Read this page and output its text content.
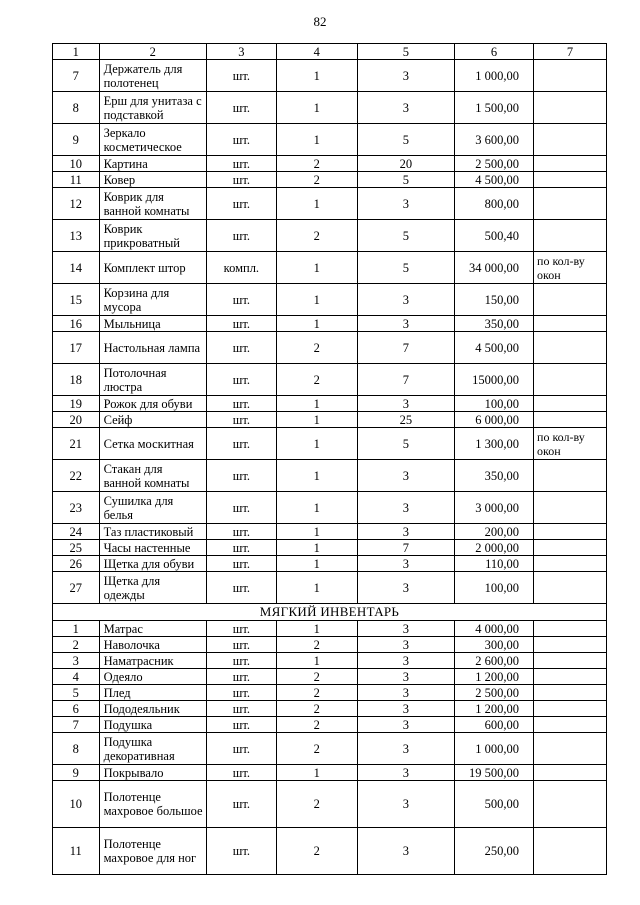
82
1	2	3	4	5	6	7
7	Держатель для полотенец	шт.	1	3	1 000,00	
8	Ерш для унитаза с подставкой	шт.	1	3	1 500,00	
9	Зеркало косметическое	шт.	1	5	3 600,00	
10	Картина	шт.	2	20	2 500,00	
11	Ковер	шт.	2	5	4 500,00	
12	Коврик для ванной комнаты	шт.	1	3	800,00	
13	Коврик прикроватный	шт.	2	5	500,40	
14	Комплект штор	компл.	1	5	34 000,00	по кол-ву окон
15	Корзина для мусора	шт.	1	3	150,00	
16	Мыльница	шт.	1	3	350,00	
17	Настольная лампа	шт.	2	7	4 500,00	
18	Потолочная люстра	шт.	2	7	15000,00	
19	Рожок для обуви	шт.	1	3	100,00	
20	Сейф	шт.	1	25	6 000,00	
21	Сетка москитная	шт.	1	5	1 300,00	по кол-ву окон
22	Стакан для ванной комнаты	шт.	1	3	350,00	
23	Сушилка для белья	шт.	1	3	3 000,00	
24	Таз пластиковый	шт.	1	3	200,00	
25	Часы настенные	шт.	1	7	2 000,00	
26	Щетка для обуви	шт.	1	3	110,00	
27	Щетка для одежды	шт.	1	3	100,00	
МЯГКИЙ ИНВЕНТАРЬ						
1	Матрас	шт.	1	3	4 000,00	
2	Наволочка	шт.	2	3	300,00	
3	Наматрасник	шт.	1	3	2 600,00	
4	Одеяло	шт.	2	3	1 200,00	
5	Плед	шт.	2	3	2 500,00	
6	Пододеяльник	шт.	2	3	1 200,00	
7	Подушка	шт.	2	3	600,00	
8	Подушка декоративная	шт.	2	3	1 000,00	
9	Покрывало	шт.	1	3	19 500,00	
10	Полотенце махровое большое	шт.	2	3	500,00	
11	Полотенце махровое для ног	шт.	2	3	250,00	
